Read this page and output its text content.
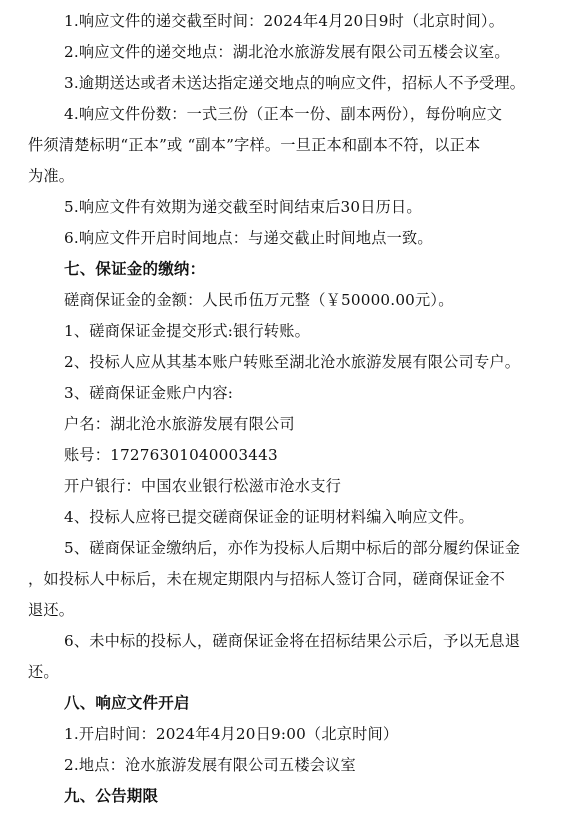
1.响应文件的递交截至时间：2024年4月20日9时（北京时间）。
2.响应文件的递交地点：湖北沧水旅游发展有限公司五楼会议室。
3.逾期送达或者未送达指定递交地点的响应文件，招标人不予受理。
4.响应文件份数：一式三份（正本一份、副本两份），每份响应文
件须清楚标明“正本”或 “副本”字样。一旦正本和副本不符，以正本
为准。
5.响应文件有效期为递交截至时间结束后30日历日。
6.响应文件开启时间地点：与递交截止时间地点一致。
七、保证金的缴纳：
磋商保证金的金额：人民币伍万元整（￥50000.00元）。
1、磋商保证金提交形式:银行转账。
2、投标人应从其基本账户转账至湖北沧水旅游发展有限公司专户。
3、磋商保证金账户内容:
户名：湖北沧水旅游发展有限公司
账号：17276301040003443
开户银行：中国农业银行松滋市沧水支行
4、投标人应将已提交磋商保证金的证明材料编入响应文件。
5、磋商保证金缴纳后，亦作为投标人后期中标后的部分履约保证金
，如投标人中标后，未在规定期限内与招标人签订合同，磋商保证金不
退还。
6、未中标的投标人，磋商保证金将在招标结果公示后，予以无息退
还。
八、响应文件开启
1.开启时间：2024年4月20日9:00（北京时间）
2.地点：沧水旅游发展有限公司五楼会议室
九、公告期限
